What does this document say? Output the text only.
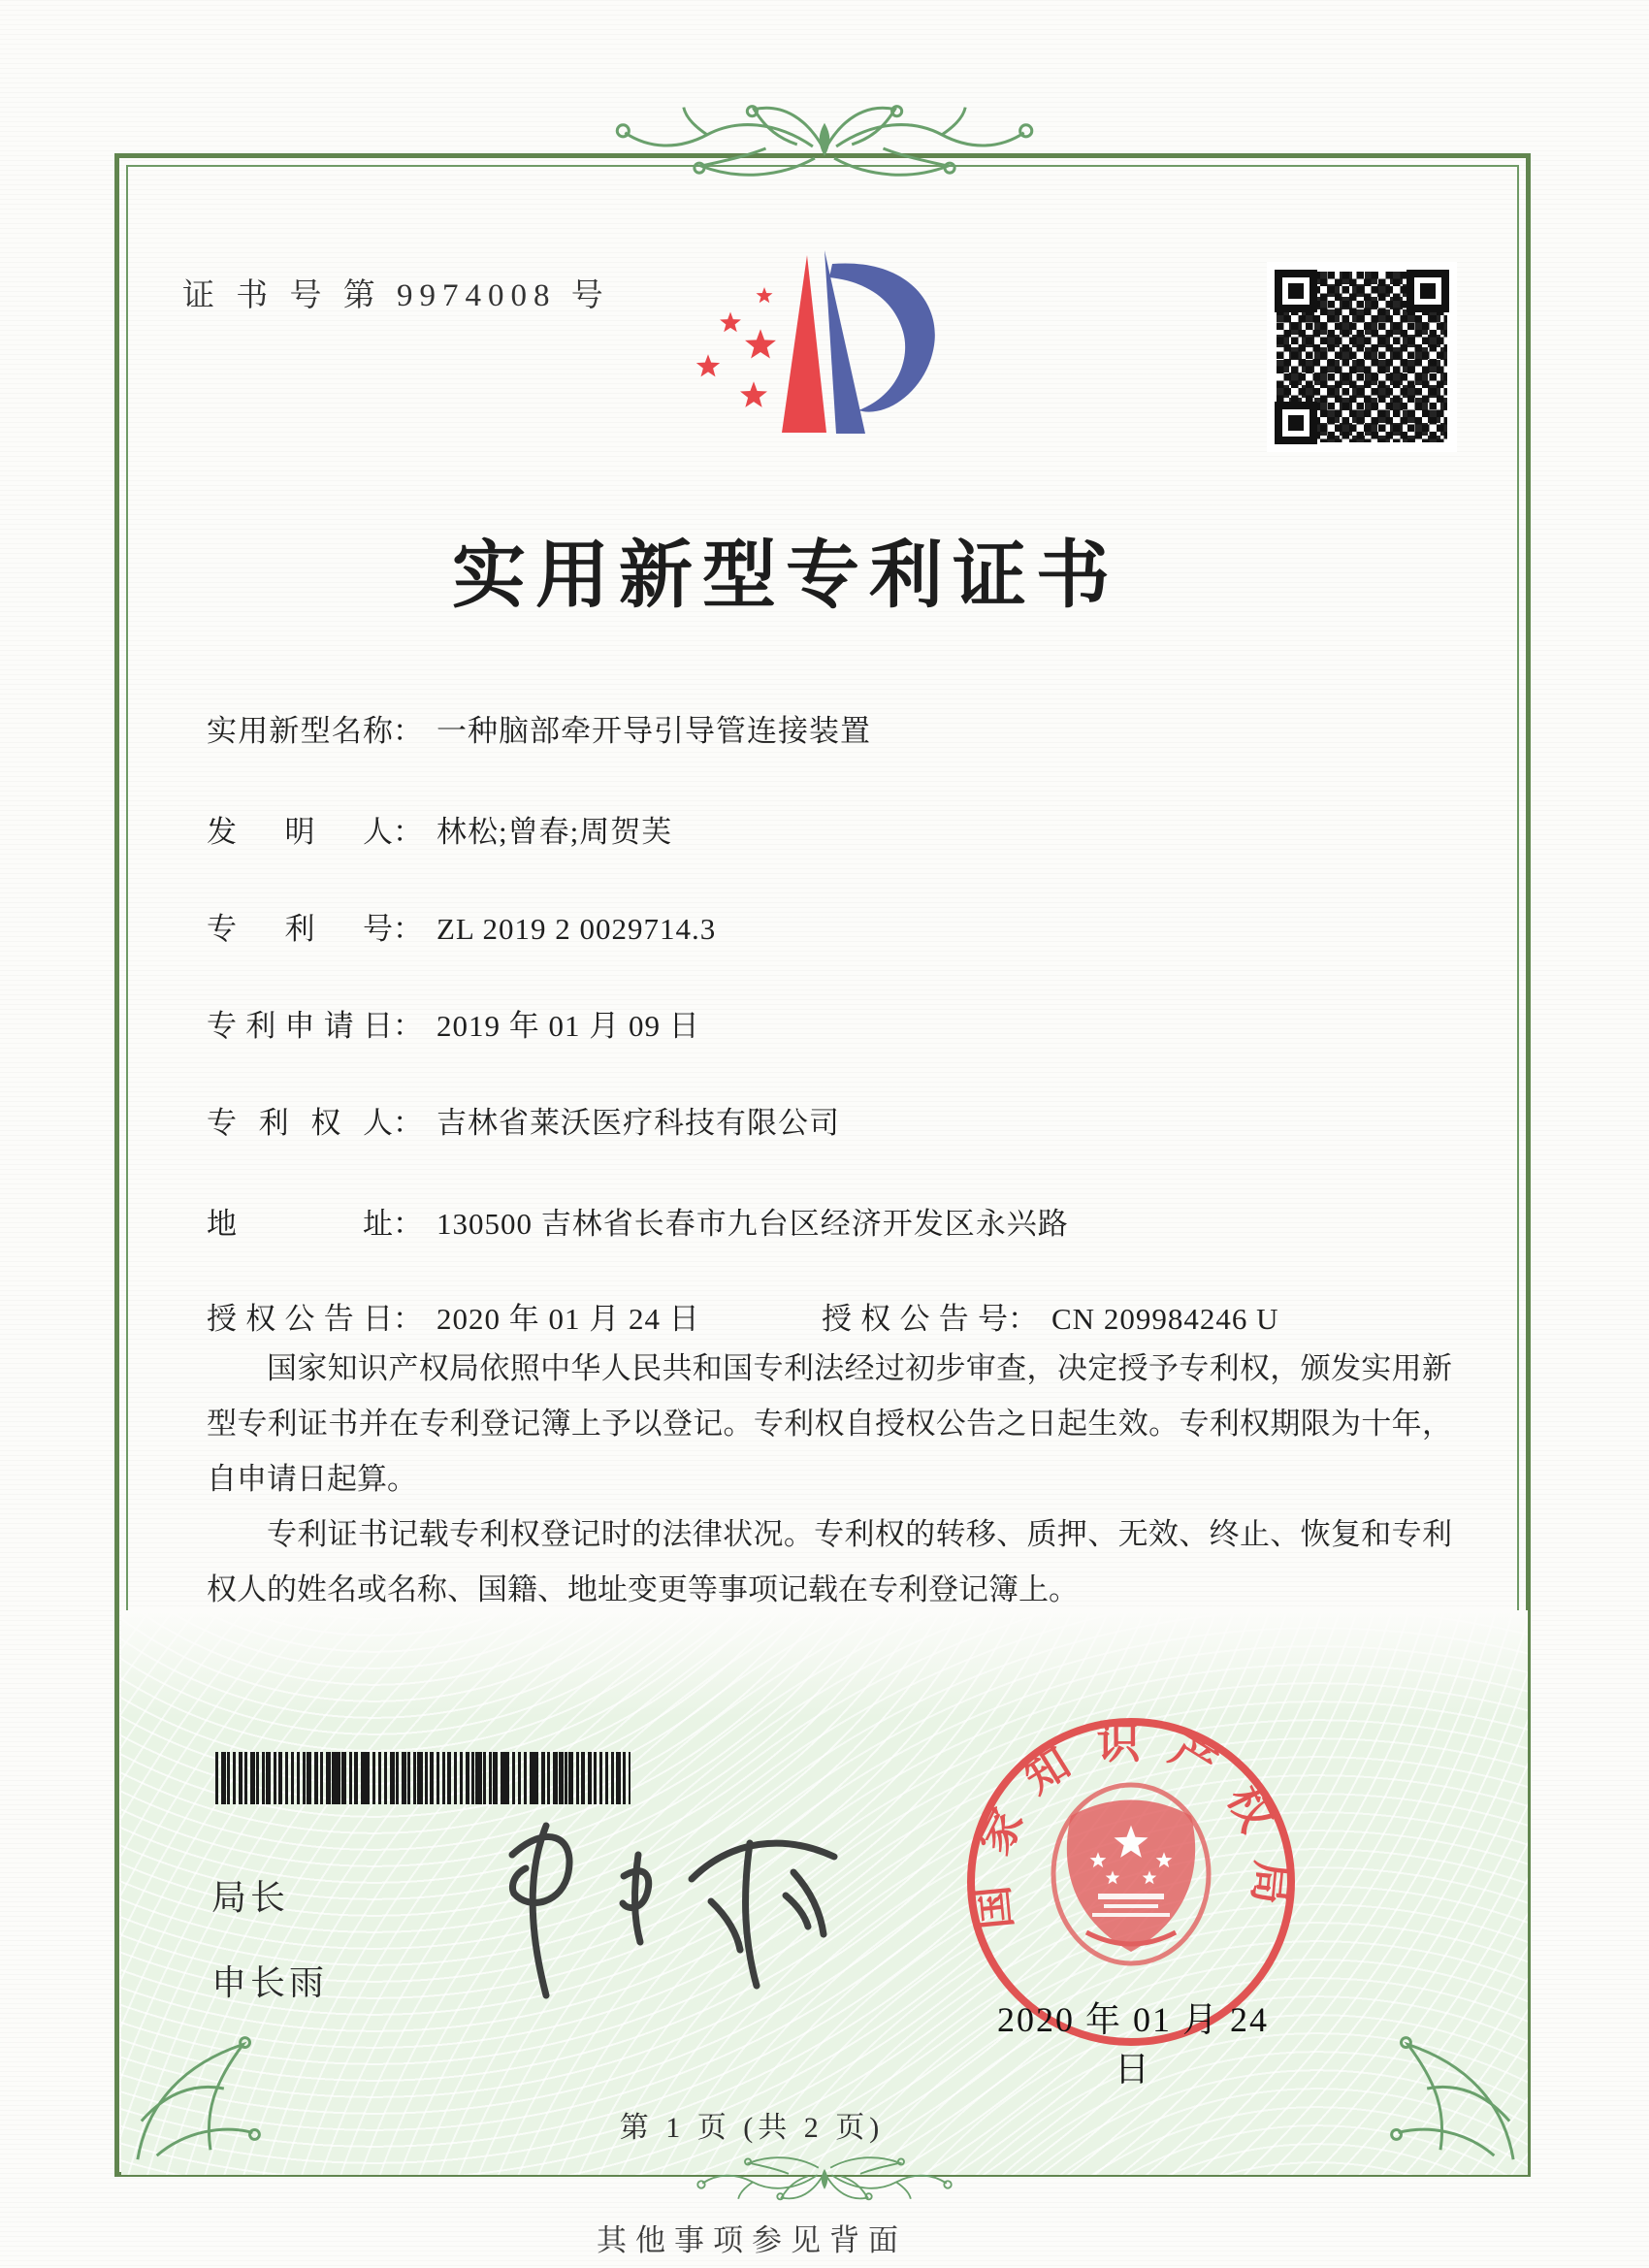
证 书 号 第 9974008 号
实用新型专利证书
实用新型名称： 一种脑部牵开导引导管连接装置
发明人： 林松;曾春;周贺芙
专利号： ZL 2019 2 0029714.3
专利申请日： 2019 年 01 月 09 日
专利权人： 吉林省莱沃医疗科技有限公司
地址： 130500 吉林省长春市九台区经济开发区永兴路
授权公告日： 2020 年 01 月 24 日	授权公告号： CN 209984246 U

国家知识产权局依照中华人民共和国专利法经过初步审查，决定授予专利权，颁发实用新型专利证书并在专利登记簿上予以登记。专利权自授权公告之日起生效。专利权期限为十年，自申请日起算。

专利证书记载专利权登记时的法律状况。专利权的转移、质押、无效、终止、恢复和专利权人的姓名或名称、国籍、地址变更等事项记载在专利登记簿上。

局长
申长雨
国家知识产权局
2020 年 01 月 24 日
第 1 页 (共 2 页)
其他事项参见背面
